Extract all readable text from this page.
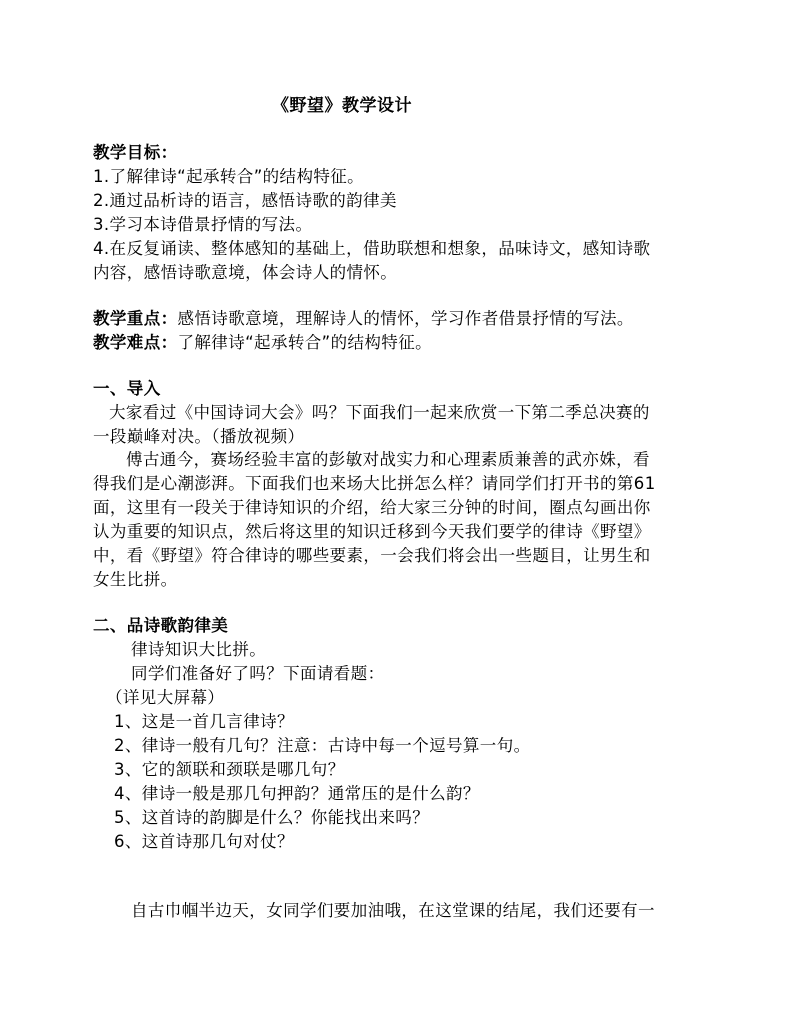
《野望》教学设计
教学目标：
1.了解律诗“起承转合”的结构特征。
2.通过品析诗的语言，感悟诗歌的韵律美
3.学习本诗借景抒情的写法。
4.在反复诵读、整体感知的基础上，借助联想和想象，品味诗文，感知诗歌
内容，感悟诗歌意境，体会诗人的情怀。
教学重点：感悟诗歌意境，理解诗人的情怀，学习作者借景抒情的写法。
教学难点：了解律诗“起承转合”的结构特征。
一、导入
大家看过《中国诗词大会》吗？下面我们一起来欣赏一下第二季总决赛的
一段巅峰对决。（播放视频）
傅古通今，赛场经验丰富的彭敏对战实力和心理素质兼善的武亦姝，看
得我们是心潮澎湃。下面我们也来场大比拼怎么样？请同学们打开书的第61
面，这里有一段关于律诗知识的介绍，给大家三分钟的时间，圈点勾画出你
认为重要的知识点，然后将这里的知识迁移到今天我们要学的律诗《野望》
中，看《野望》符合律诗的哪些要素，一会我们将会出一些题目，让男生和
女生比拼。
二、品诗歌韵律美
律诗知识大比拼。
同学们准备好了吗？下面请看题：
（详见大屏幕）
1、这是一首几言律诗？
2、律诗一般有几句？注意：古诗中每一个逗号算一句。
3、它的颔联和颈联是哪几句？
4、律诗一般是那几句押韵？通常压的是什么韵？
5、这首诗的韵脚是什么？你能找出来吗？
6、这首诗那几句对仗？
自古巾帼半边天，女同学们要加油哦，在这堂课的结尾，我们还要有一
